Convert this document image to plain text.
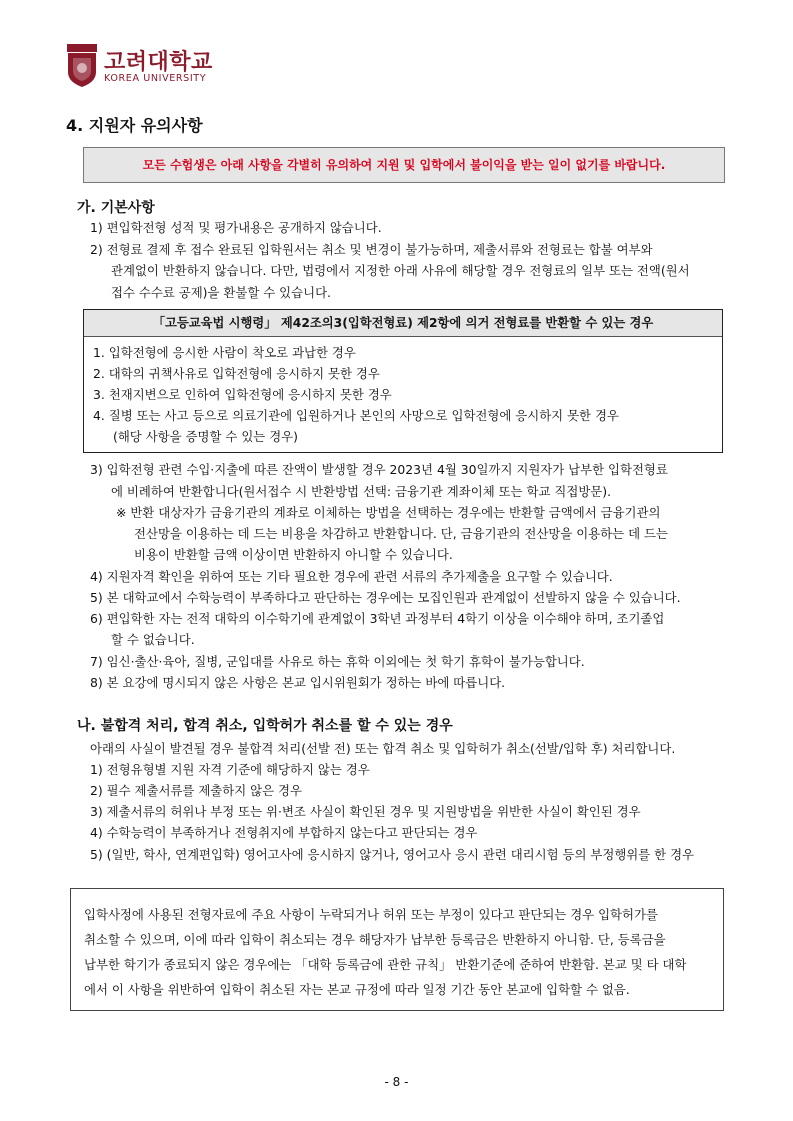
고려대학교
KOREA UNIVERSITY
4. 지원자 유의사항
모든 수험생은 아래 사항을 각별히 유의하여 지원 및 입학에서 불이익을 받는 일이 없기를 바랍니다.
가. 기본사항
1) 편입학전형 성적 및 평가내용은 공개하지 않습니다.
2) 전형료 결제 후 접수 완료된 입학원서는 취소 및 변경이 불가능하며, 제출서류와 전형료는 합불 여부와
관계없이 반환하지 않습니다. 다만, 법령에서 지정한 아래 사유에 해당할 경우 전형료의 일부 또는 전액(원서
접수 수수료 공제)을 환불할 수 있습니다.
「고등교육법 시행령」 제42조의3(입학전형료) 제2항에 의거 전형료를 반환할 수 있는 경우
1. 입학전형에 응시한 사람이 착오로 과납한 경우
2. 대학의 귀책사유로 입학전형에 응시하지 못한 경우
3. 천재지변으로 인하여 입학전형에 응시하지 못한 경우
4. 질병 또는 사고 등으로 의료기관에 입원하거나 본인의 사망으로 입학전형에 응시하지 못한 경우
(해당 사항을 증명할 수 있는 경우)
3) 입학전형 관련 수입·지출에 따른 잔액이 발생할 경우 2023년 4월 30일까지 지원자가 납부한 입학전형료
에 비례하여 반환합니다(원서접수 시 반환방법 선택: 금융기관 계좌이체 또는 학교 직접방문).
※ 반환 대상자가 금융기관의 계좌로 이체하는 방법을 선택하는 경우에는 반환할 금액에서 금융기관의
전산망을 이용하는 데 드는 비용을 차감하고 반환합니다. 단, 금융기관의 전산망을 이용하는 데 드는
비용이 반환할 금액 이상이면 반환하지 아니할 수 있습니다.
4) 지원자격 확인을 위하여 또는 기타 필요한 경우에 관련 서류의 추가제출을 요구할 수 있습니다.
5) 본 대학교에서 수학능력이 부족하다고 판단하는 경우에는 모집인원과 관계없이 선발하지 않을 수 있습니다.
6) 편입학한 자는 전적 대학의 이수학기에 관계없이 3학년 과정부터 4학기 이상을 이수해야 하며, 조기졸업
할 수 없습니다.
7) 임신·출산·육아, 질병, 군입대를 사유로 하는 휴학 이외에는 첫 학기 휴학이 불가능합니다.
8) 본 요강에 명시되지 않은 사항은 본교 입시위원회가 정하는 바에 따릅니다.
나. 불합격 처리, 합격 취소, 입학허가 취소를 할 수 있는 경우
아래의 사실이 발견될 경우 불합격 처리(선발 전) 또는 합격 취소 및 입학허가 취소(선발/입학 후) 처리합니다.
1) 전형유형별 지원 자격 기준에 해당하지 않는 경우
2) 필수 제출서류를 제출하지 않은 경우
3) 제출서류의 허위나 부정 또는 위·변조 사실이 확인된 경우 및 지원방법을 위반한 사실이 확인된 경우
4) 수학능력이 부족하거나 전형취지에 부합하지 않는다고 판단되는 경우
5) (일반, 학사, 연계편입학) 영어고사에 응시하지 않거나, 영어고사 응시 관련 대리시험 등의 부정행위를 한 경우
입학사정에 사용된 전형자료에 주요 사항이 누락되거나 허위 또는 부정이 있다고 판단되는 경우 입학허가를
취소할 수 있으며, 이에 따라 입학이 취소되는 경우 해당자가 납부한 등록금은 반환하지 아니함. 단, 등록금을
납부한 학기가 종료되지 않은 경우에는 「대학 등록금에 관한 규칙」 반환기준에 준하여 반환함. 본교 및 타 대학
에서 이 사항을 위반하여 입학이 취소된 자는 본교 규정에 따라 일정 기간 동안 본교에 입학할 수 없음.
- 8 -
